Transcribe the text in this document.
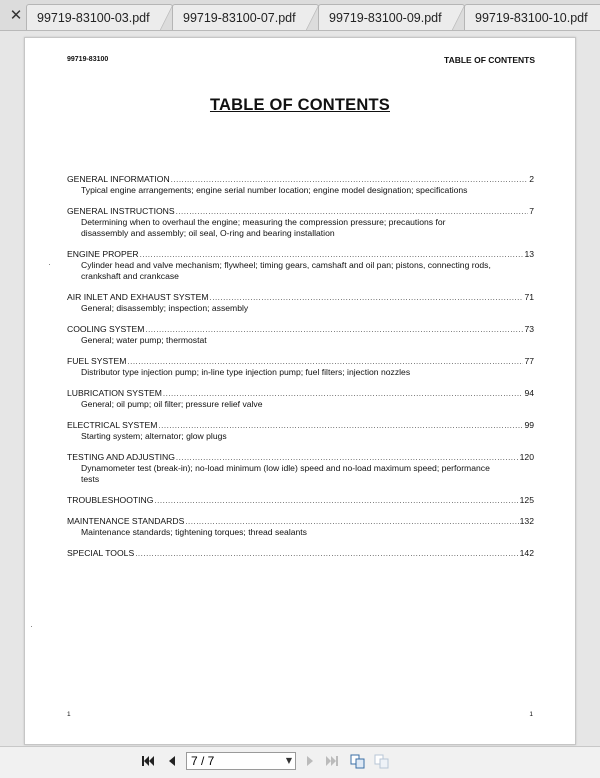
✕	99719-83100-03.pdf	99719-83100-07.pdf	99719-83100-09.pdf	99719-83100-10.pdf
99719-83100	TABLE OF CONTENTS
TABLE OF CONTENTS
GENERAL INFORMATION .....	2
Typical engine arrangements; engine serial number location; engine model designation; specifications
GENERAL INSTRUCTIONS .....	7
Determining when to overhaul the engine; measuring the compression pressure; precautions for disassembly and assembly; oil seal, O-ring and bearing installation
ENGINE PROPER .....	13
Cylinder head and valve mechanism; flywheel; timing gears, camshaft and oil pan; pistons, connecting rods, crankshaft and crankcase
AIR INLET AND EXHAUST SYSTEM .....	71
General; disassembly; inspection; assembly
COOLING SYSTEM .....	73
General; water pump; thermostat
FUEL SYSTEM .....	77
Distributor type injection pump; in-line type injection pump; fuel filters; injection nozzles
LUBRICATION SYSTEM .....	94
General; oil pump; oil filter; pressure relief valve
ELECTRICAL SYSTEM .....	99
Starting system; alternator; glow plugs
TESTING AND ADJUSTING .....	120
Dynamometer test (break-in); no-load minimum (low idle) speed and no-load maximum speed; performance tests
TROUBLESHOOTING .....	125
MAINTENANCE STANDARDS .....	132
Maintenance standards; tightening torques; thread sealants
SPECIAL TOOLS .....	142
1	1
7 / 7	▼
